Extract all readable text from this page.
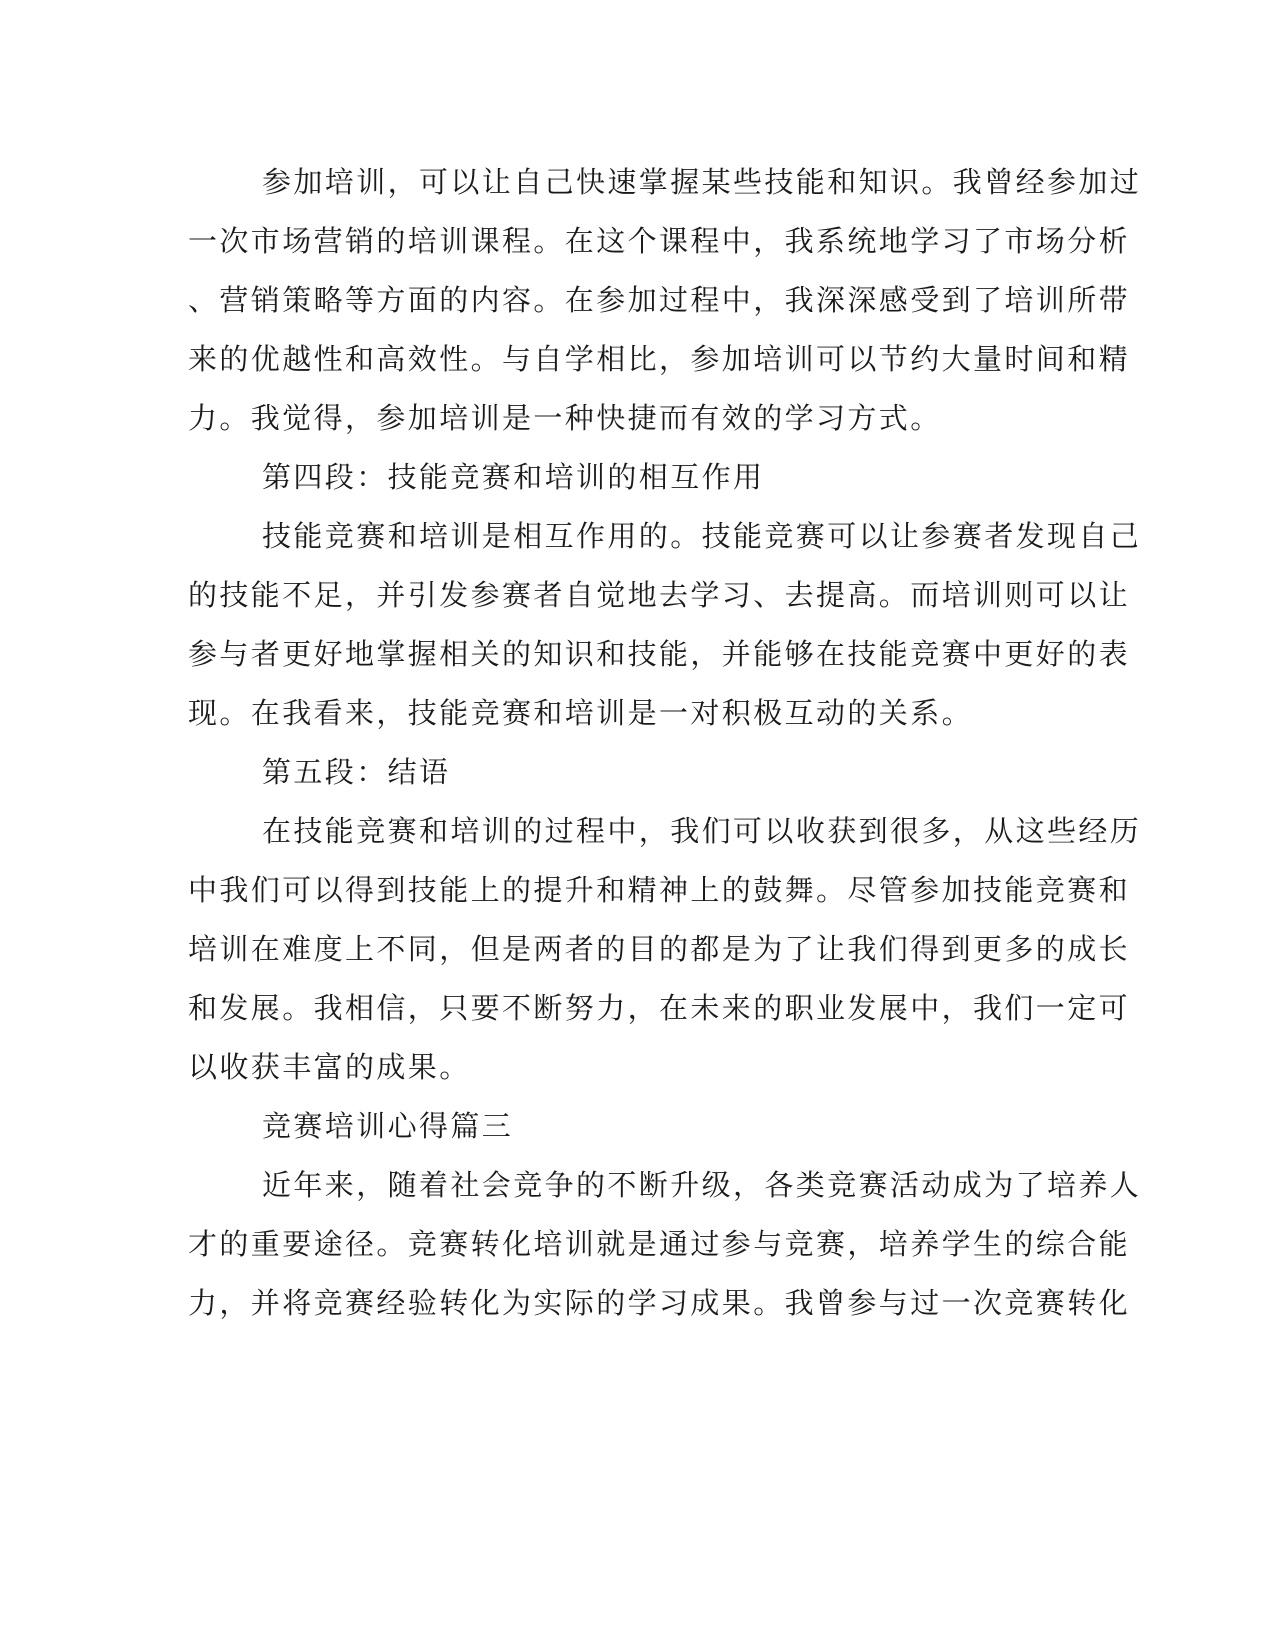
参加培训，可以让自己快速掌握某些技能和知识。我曾经参加过

一次市场营销的培训课程。在这个课程中，我系统地学习了市场分析

、营销策略等方面的内容。在参加过程中，我深深感受到了培训所带

来的优越性和高效性。与自学相比，参加培训可以节约大量时间和精

力。我觉得，参加培训是一种快捷而有效的学习方式。

第四段：技能竞赛和培训的相互作用

技能竞赛和培训是相互作用的。技能竞赛可以让参赛者发现自己

的技能不足，并引发参赛者自觉地去学习、去提高。而培训则可以让

参与者更好地掌握相关的知识和技能，并能够在技能竞赛中更好的表

现。在我看来，技能竞赛和培训是一对积极互动的关系。

第五段：结语

在技能竞赛和培训的过程中，我们可以收获到很多，从这些经历

中我们可以得到技能上的提升和精神上的鼓舞。尽管参加技能竞赛和

培训在难度上不同，但是两者的目的都是为了让我们得到更多的成长

和发展。我相信，只要不断努力，在未来的职业发展中，我们一定可

以收获丰富的成果。

竞赛培训心得篇三

近年来，随着社会竞争的不断升级，各类竞赛活动成为了培养人

才的重要途径。竞赛转化培训就是通过参与竞赛，培养学生的综合能

力，并将竞赛经验转化为实际的学习成果。我曾参与过一次竞赛转化
